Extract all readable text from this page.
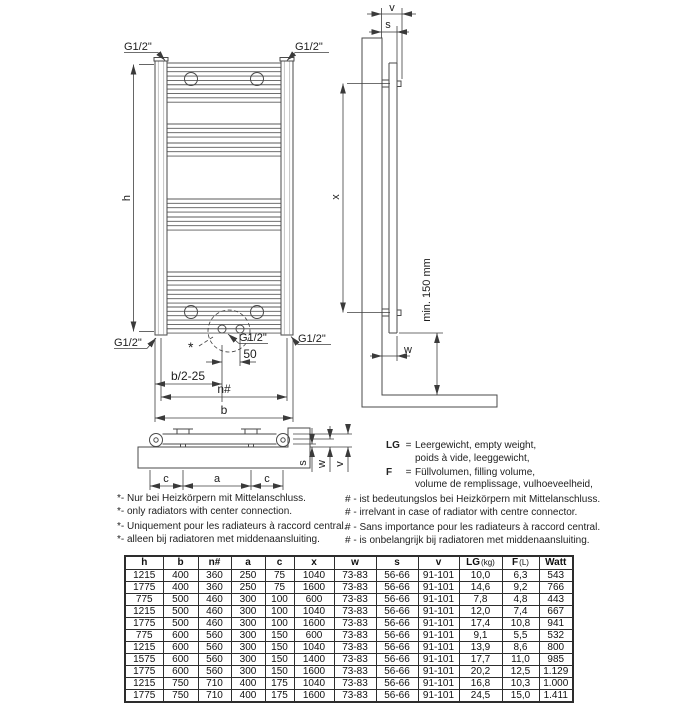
h
G1/2"	G1/2"
G1/2"	G1/2"
G1/2"
*	50
b/2-25
n#
b
v
s
x
min. 150 mm
w
c	a	c
s w v
LG = Leergewicht, empty weight,
poids à vide, leeggewicht,
F	= Füllvolumen, filling volume,
volume de remplissage, vulhoeveelheid,
*- Nur bei Heizkörpern mit Mittelanschluss.
*- only radiators with center connection.
*- Uniquement pour les radiateurs à raccord central.
*- alleen bij radiatoren met middenaansluiting.
# - ist bedeutungslos bei Heizkörpern mit Mittelanschluss.
# - irrelvant in case of radiator with centre connector.
# - Sans importance pour les radiateurs à raccord central.
# - is onbelangrijk bij radiatoren met middenaansluiting.
h	b	n#	a	c	x	w	s	v	LG(kg)	F(L)	Watt
1215	400	360	250	75	1040	73-83	56-66	91-101	10,0	6,3	543
1775	400	360	250	75	1600	73-83	56-66	91-101	14,6	9,2	766
775	500	460	300	100	600	73-83	56-66	91-101	7,8	4,8	443
1215	500	460	300	100	1040	73-83	56-66	91-101	12,0	7,4	667
1775	500	460	300	100	1600	73-83	56-66	91-101	17,4	10,8	941
775	600	560	300	150	600	73-83	56-66	91-101	9,1	5,5	532
1215	600	560	300	150	1040	73-83	56-66	91-101	13,9	8,6	800
1575	600	560	300	150	1400	73-83	56-66	91-101	17,7	11,0	985
1775	600	560	300	150	1600	73-83	56-66	91-101	20,2	12,5	1.129
1215	750	710	400	175	1040	73-83	56-66	91-101	16,8	10,3	1.000
1775	750	710	400	175	1600	73-83	56-66	91-101	24,5	15,0	1.411
